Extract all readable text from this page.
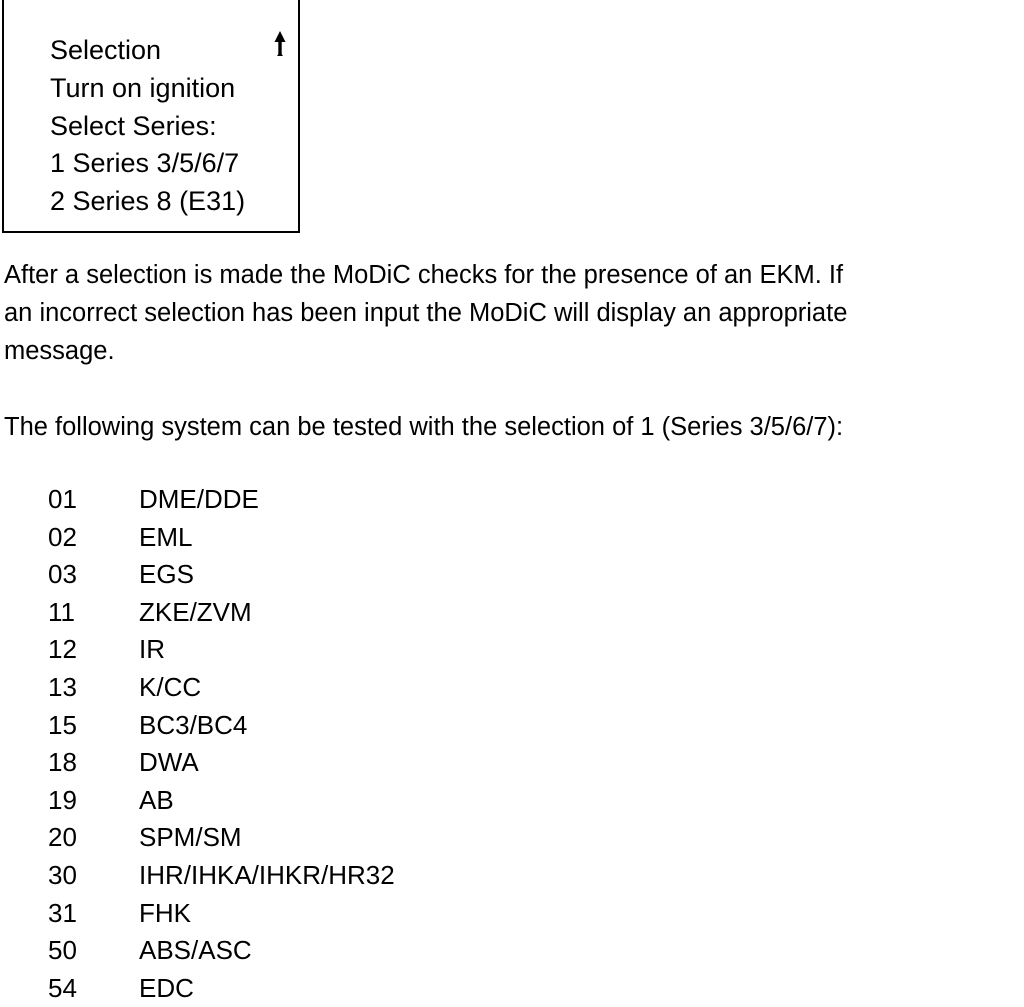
Selection
Turn on ignition
Select Series:
1 Series 3/5/6/7
2 Series 8 (E31)
After a selection is made the MoDiC checks for the presence of an EKM. If
an incorrect selection has been input the MoDiC will display an appropriate
message.
The following system can be tested with the selection of 1 (Series 3/5/6/7):
01 DME/DDE
02 EML
03 EGS
11 ZKE/ZVM
12 IR
13 K/CC
15 BC3/BC4
18 DWA
19 AB
20 SPM/SM
30 IHR/IHKA/IHKR/HR32
31 FHK
50 ABS/ASC
54 EDC
